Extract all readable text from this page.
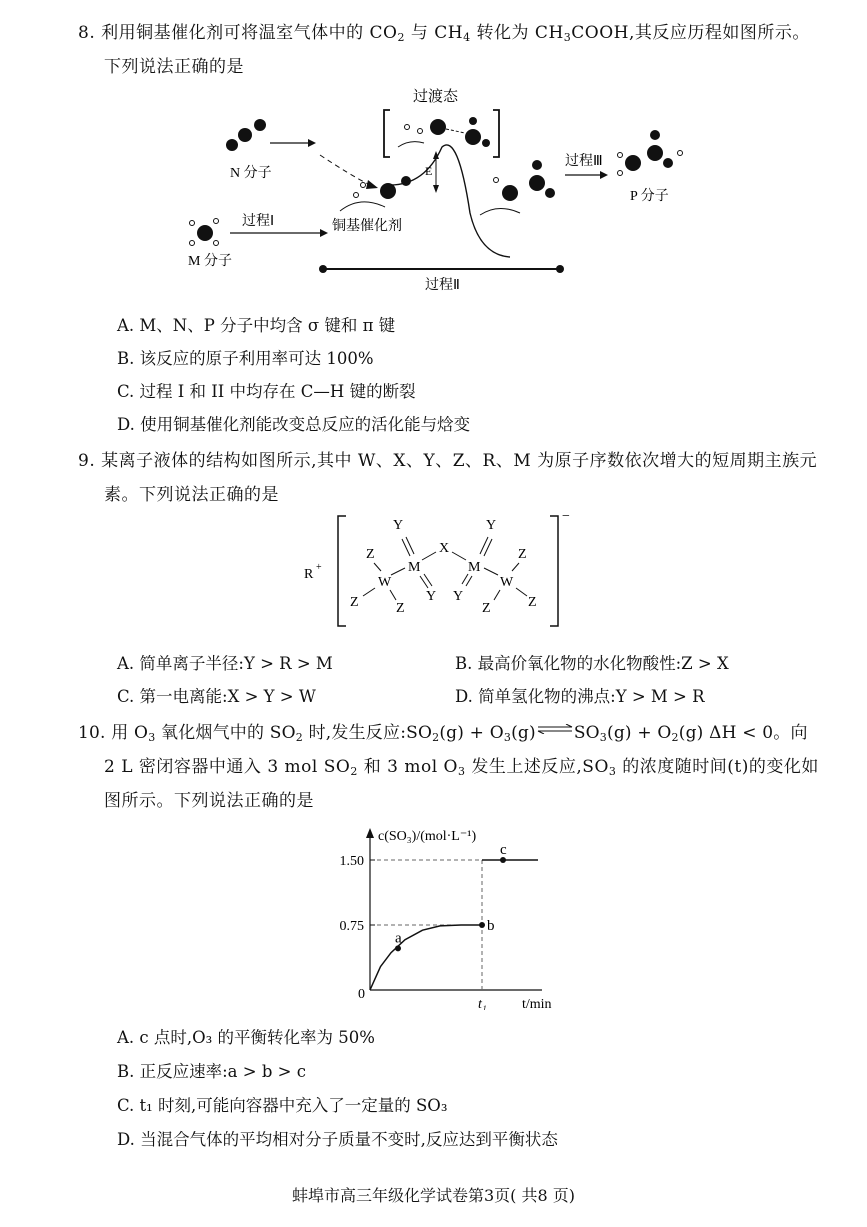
8. 利用铜基催化剂可将温室气体中的 $CO_2$ 与 $CH_4$ 转化为 $CH_3COOH$,其反应历程如图所示。
下列说法正确的是
过渡态
N 分子
铜基催化剂
E
过程Ⅲ
P 分子
M 分子
过程Ⅰ
过程Ⅱ
A. M、N、P 分子中均含 σ 键和 π 键
B. 该反应的原子利用率可达 100%
C. 过程 I 和 II 中均存在 C—H 键的断裂
D. 使用铜基催化剂能改变总反应的活化能与焓变
9. 某离子液体的结构如图所示,其中 W、X、Y、Z、R、M 为原子序数依次增大的短周期主族元
素。下列说法正确的是
R +
−
Z
W
Z	Z
M
Y
Y
X
M
Y
Y
W
Z
Z
Z
A. 简单离子半径:Y > R > M	B. 最高价氧化物的水化物酸性:Z > X
C. 第一电离能:X > Y > W	D. 简单氢化物的沸点:Y > M > R
10. 用 $O_3$ 氧化烟气中的 $SO_2$ 时,发生反应$:SO_2(g)$ + $O_3(g)\rightleftharpoons SO_3(g) + O_2(g) \Delta H < 0$。向
2 L 密闭容器中通入 3 mol $SO_2$ 和 3 mol $O_3$ 发生上述反应$,SO_3$ 的浓度随时间(t)的变化如
图所示。下列说法正确的是
c(SO₃)/(mol·L⁻¹)
t/min
0
0.75
1.50
t₁
a
b
c
A. c 点时,O₃ 的平衡转化率为 50%
B. 正反应速率:a > b > c
C. t₁ 时刻,可能向容器中充入了一定量的 SO₃
D. 当混合气体的平均相对分子质量不变时,反应达到平衡状态
蚌埠市高三年级化学试卷第3页( 共8 页)
